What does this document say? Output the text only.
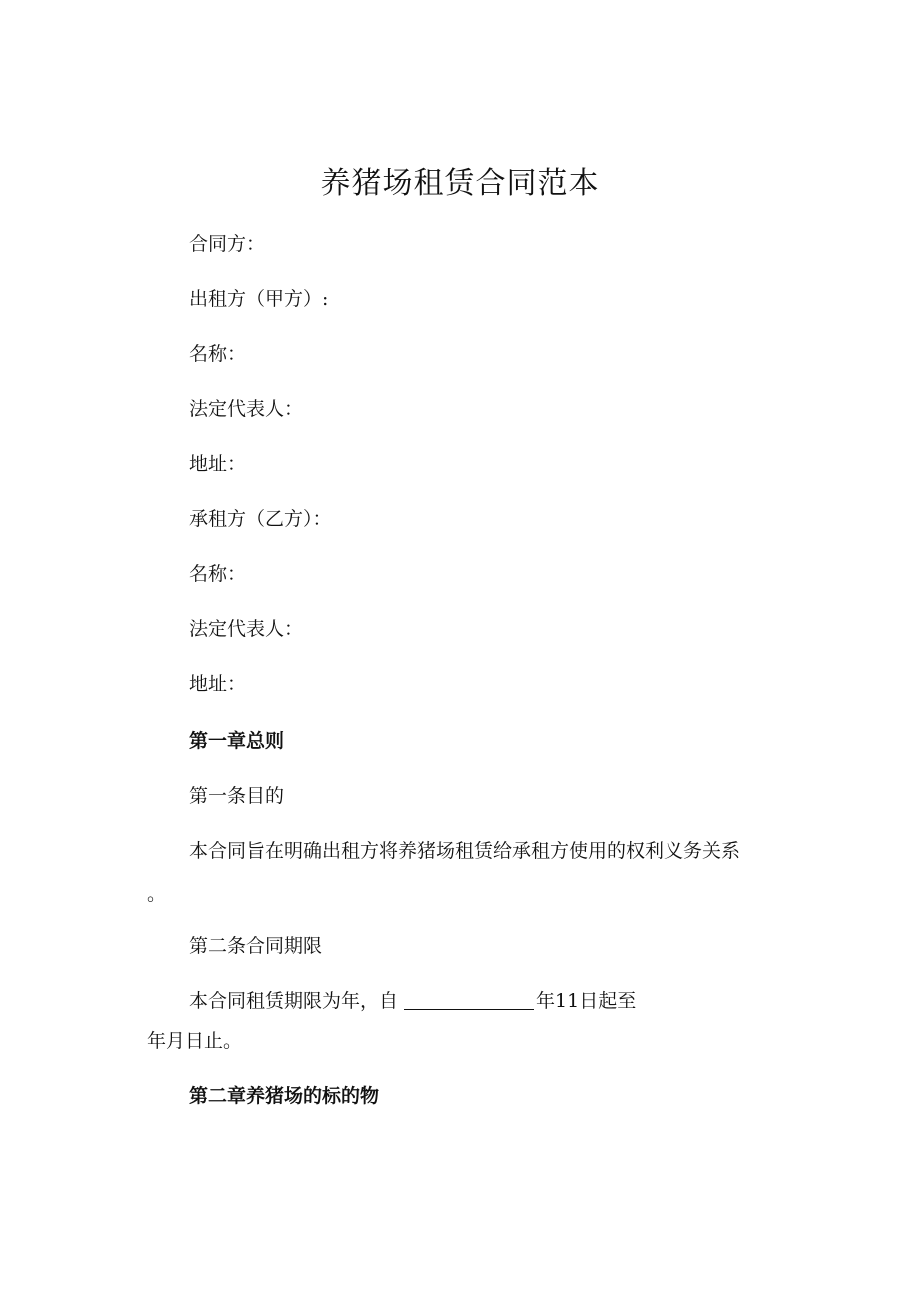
养猪场租赁合同范本
合同方：
出租方（甲方）:
名称：
法定代表人：
地址：
承租方（乙方）：
名称：
法定代表人：
地址：
第一章总则
第一条目的
本合同旨在明确出租方将养猪场租赁给承租方使用的权利义务关系
。
第二条合同期限
本合同租赁期限为年，自	年11日起至
年月日止。
第二章养猪场的标的物
